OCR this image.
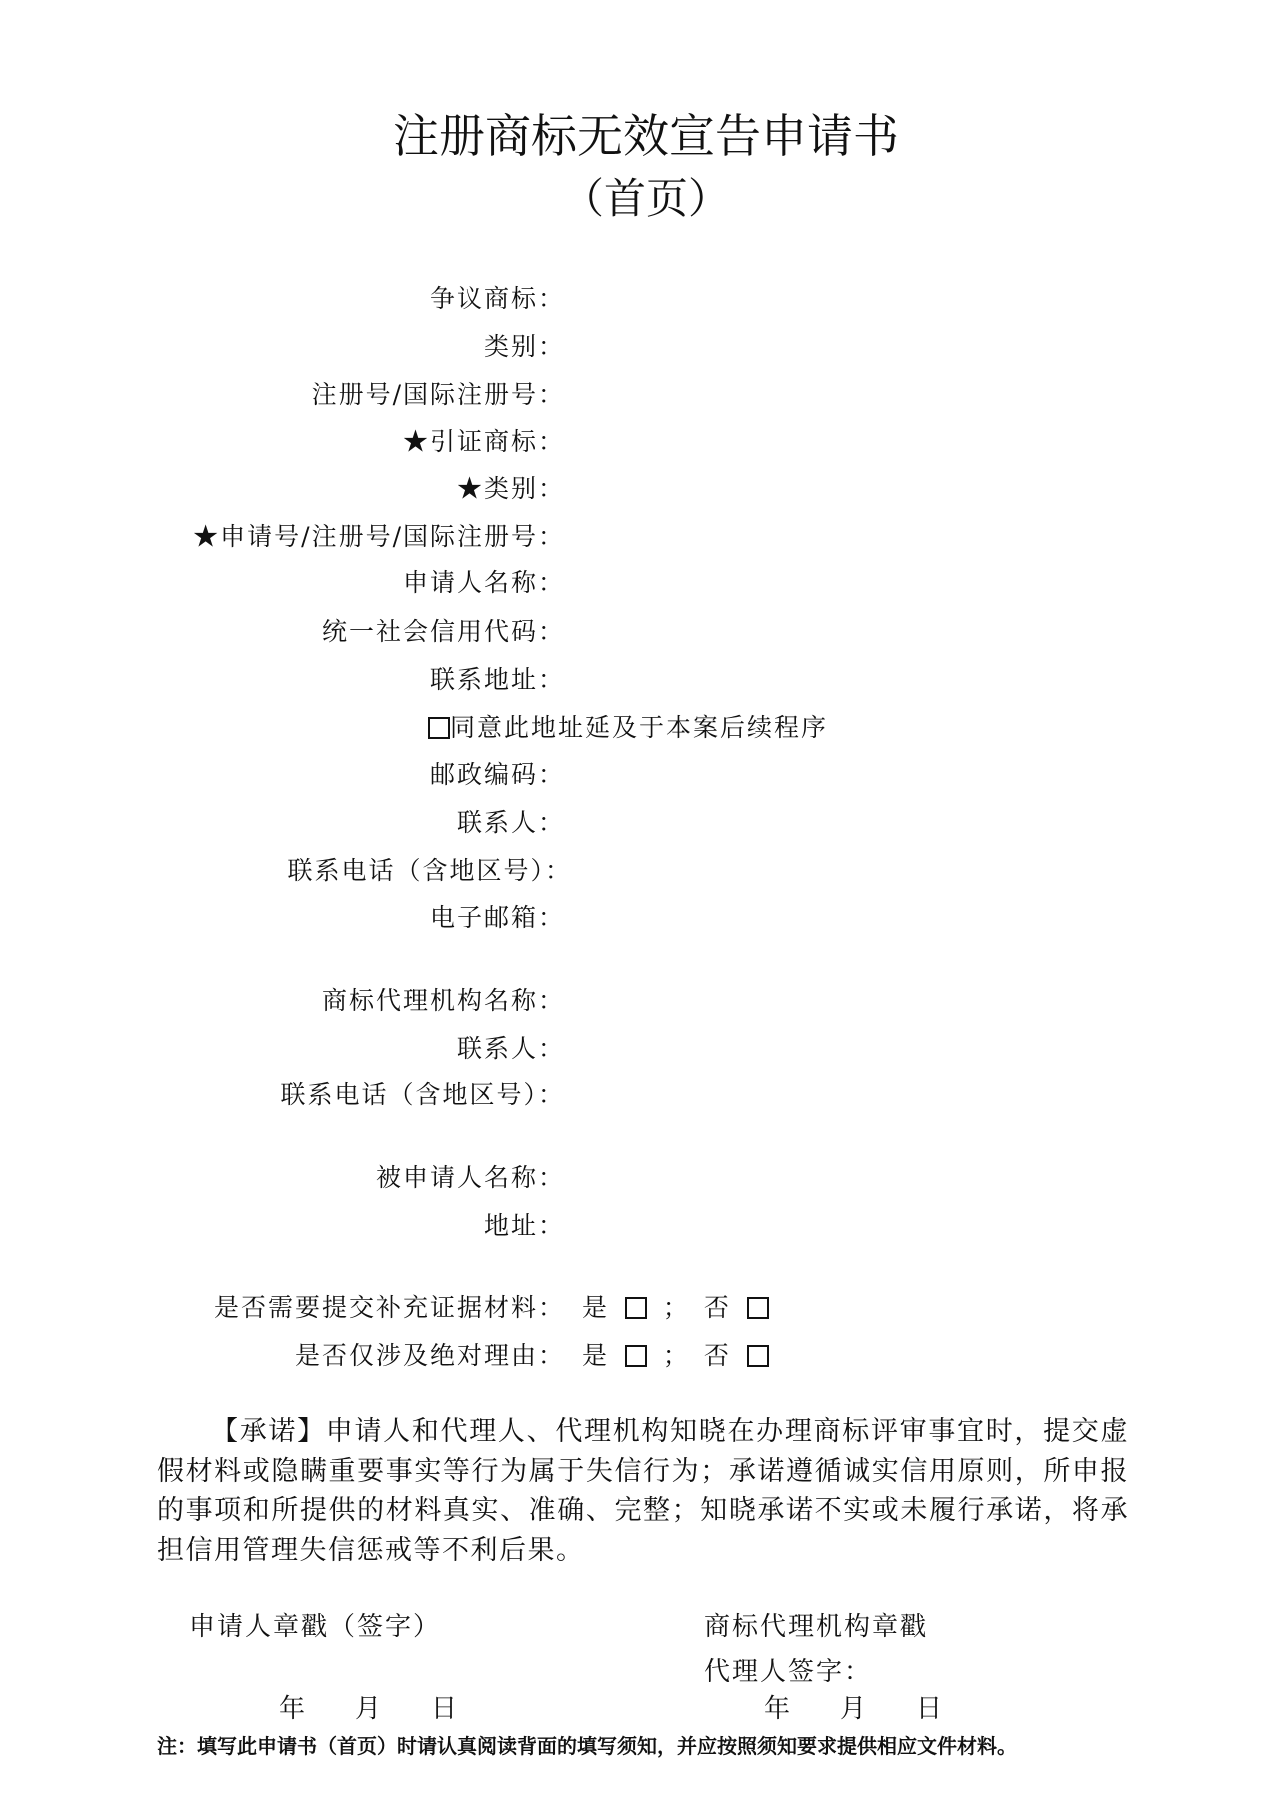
注册商标无效宣告申请书
（首页）
争议商标：
类别：
注册号/国际注册号：
★引证商标：
★类别：
★申请号/注册号/国际注册号：
申请人名称：
统一社会信用代码：
联系地址：
同意此地址延及于本案后续程序
邮政编码：
联系人：
联系电话（含地区号）：
电子邮箱：
商标代理机构名称：
联系人：
联系电话（含地区号）：
被申请人名称：
地址：
是否需要提交补充证据材料： 是 ； 否
是否仅涉及绝对理由： 是 ； 否
【承诺】申请人和代理人、代理机构知晓在办理商标评审事宜时，提交虚假材料或隐瞒重要事实等行为属于失信行为；承诺遵循诚实信用原则，所申报的事项和所提供的材料真实、准确、完整；知晓承诺不实或未履行承诺，将承担信用管理失信惩戒等不利后果。
申请人章戳（签字）	商标代理机构章戳
代理人签字：
年 月 日	年 月 日
注：填写此申请书（首页）时请认真阅读背面的填写须知，并应按照须知要求提供相应文件材料。
